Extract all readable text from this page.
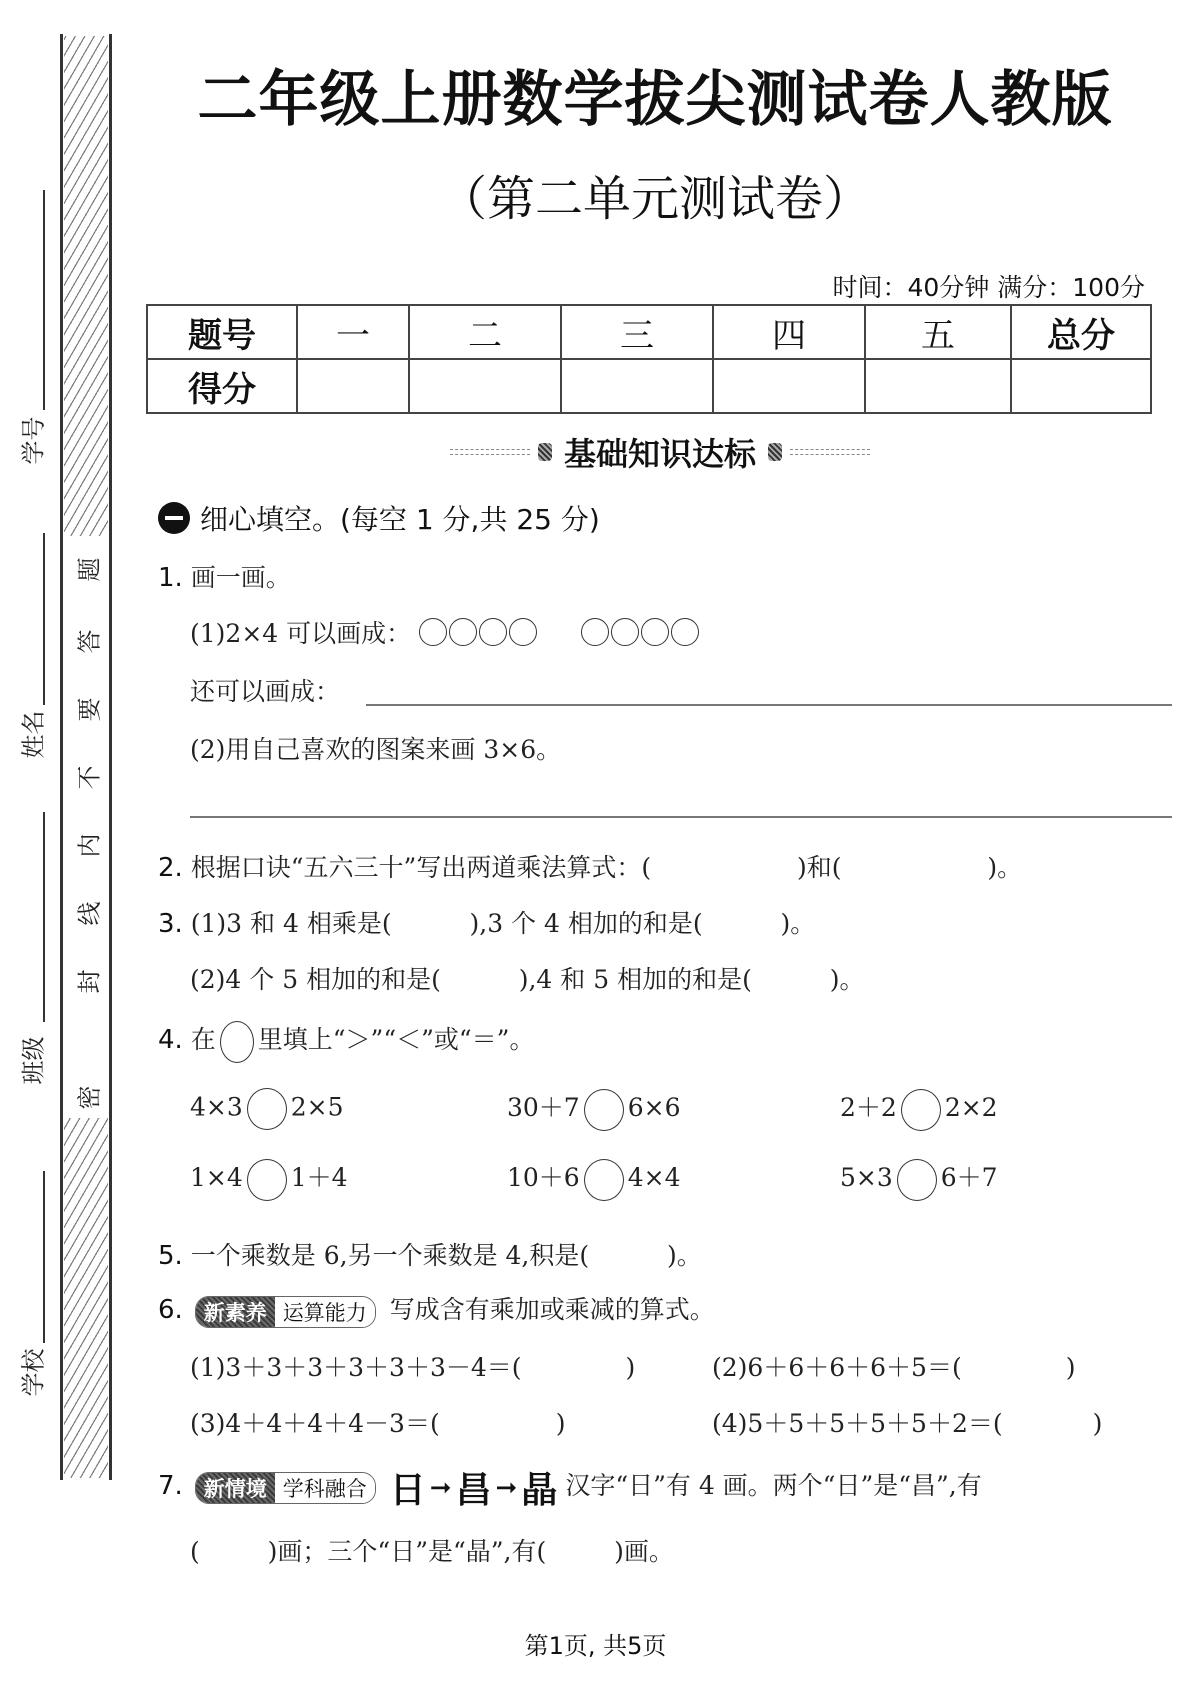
题
答
要
不
内
线
封
密
学号
姓名
班级
学校
二年级上册数学拔尖测试卷人教版
（第二单元测试卷）
时间：40分钟 满分：100分
题号	一	二	三	四	五	总分
得分						
基础知识达标
细心填空。(每空 1 分,共 25 分)
1. 画一画。
(1)2×4 可以画成：
还可以画成：
(2)用自己喜欢的图案来画 3×6。
2. 根据口诀“五六三十”写出两道乘法算式：(	)和(	)。
3. (1)3 和 4 相乘是(	),3 个 4 相加的和是(	)。
(2)4 个 5 相加的和是(	),4 和 5 相加的和是(	)。
4. 在 里填上“＞”“＜”或“＝”。
4×3 2×5	30＋7 6×6	2＋2 2×2
1×4 1＋4	10＋6 4×4	5×3 6＋7
5. 一个乘数是 6,另一个乘数是 4,积是(	)。
6. 新素养 运算能力 写成含有乘加或乘减的算式。
(1)3＋3＋3＋3＋3＋3－4＝(	)	(2)6＋6＋6＋6＋5＝(	)
(3)4＋4＋4＋4－3＝(	)	(4)5＋5＋5＋5＋5＋2＝(	)
7. 新情境 学科融合 日 ➞ 昌 ➞ 晶 汉字“日”有 4 画。两个“日”是“昌”,有
(	)画；三个“日”是“晶”,有(	)画。
第1页, 共5页
